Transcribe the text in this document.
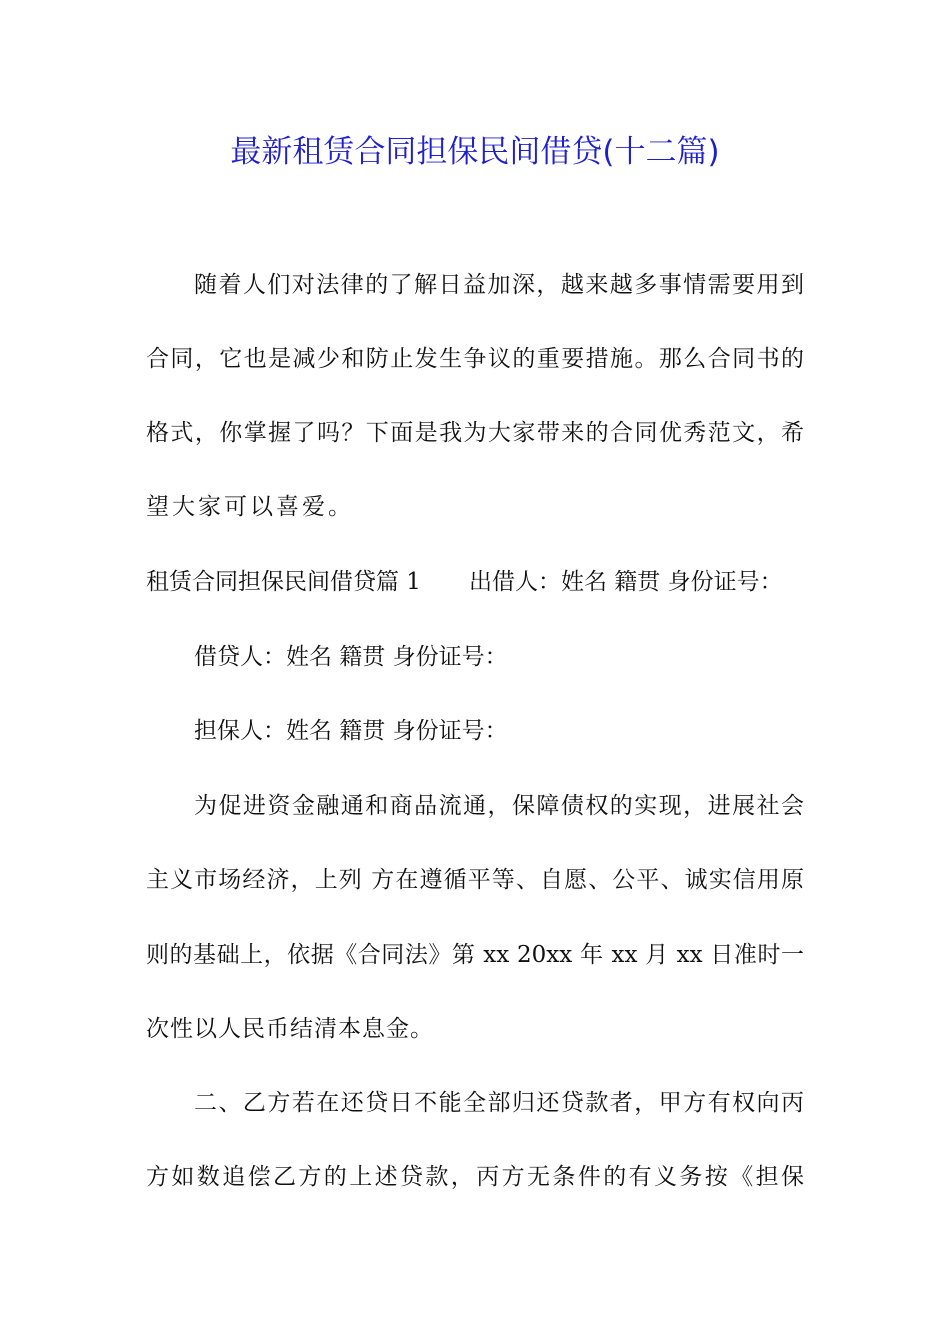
最新租赁合同担保民间借贷(十二篇)
随着人们对法律的了解日益加深，越来越多事情需要用到
合同，它也是减少和防止发生争议的重要措施。那么合同书的
格式，你掌握了吗？下面是我为大家带来的合同优秀范文，希
望大家可以喜爱。
租赁合同担保民间借贷篇 1 出借人：姓名 籍贯 身份证号：
借贷人：姓名 籍贯 身份证号：
担保人：姓名 籍贯 身份证号：
为促进资金融通和商品流通，保障债权的实现，进展社会
主义市场经济，上列 方在遵循平等、自愿、公平、诚实信用原
则的基础上，依据《合同法》第 xx 20xx 年 xx 月 xx 日准时一
次性以人民币结清本息金。
二、乙方若在还贷日不能全部归还贷款者，甲方有权向丙
方如数追偿乙方的上述贷款，丙方无条件的有义务按《担保
